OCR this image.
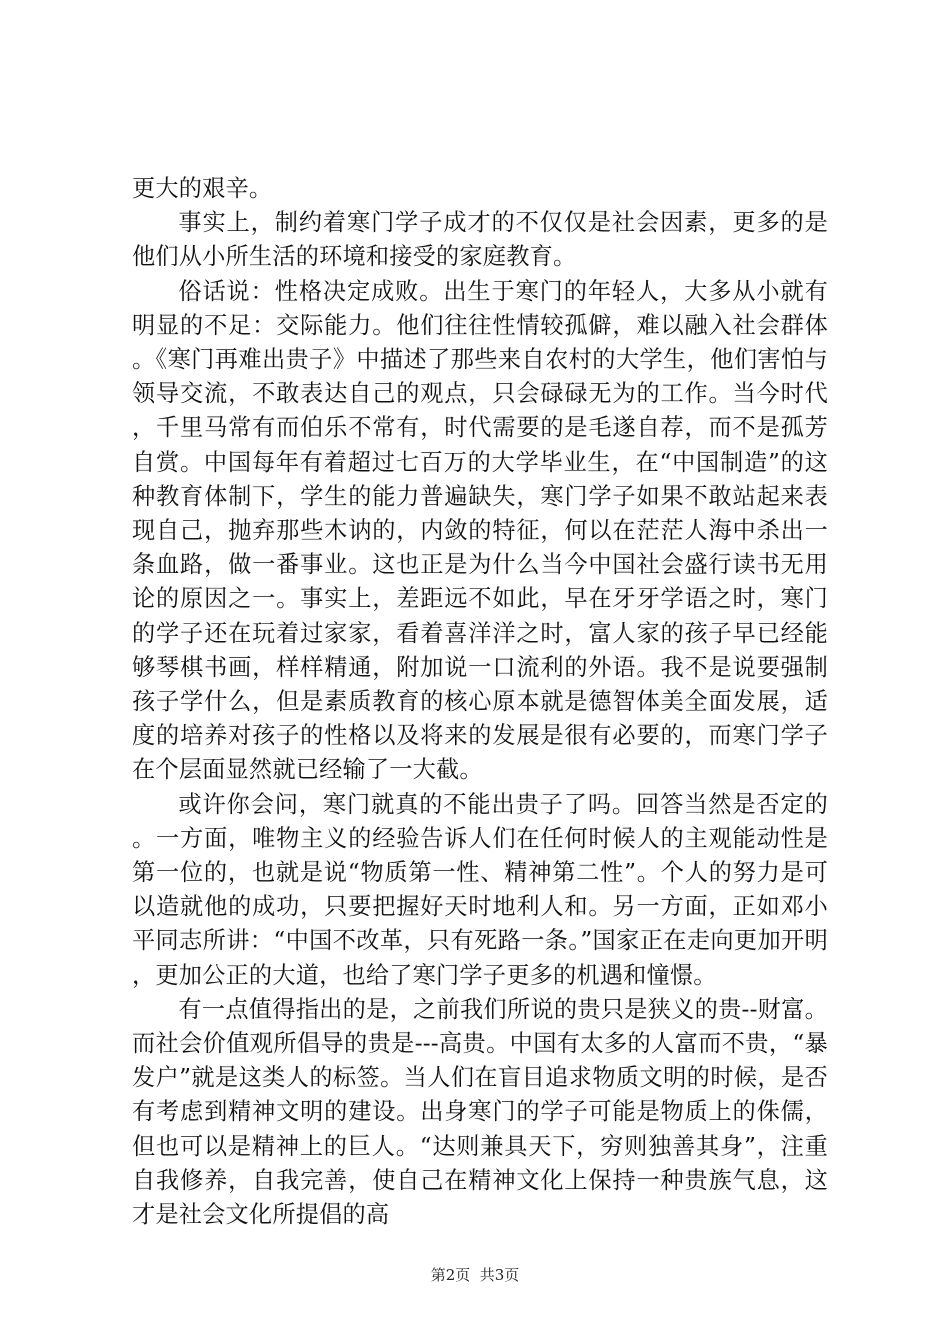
更大的艰辛。

事实上，制约着寒门学子成才的不仅仅是社会因素，更多的是他们从小所生活的环境和接受的家庭教育。

俗话说：性格决定成败。出生于寒门的年轻人，大多从小就有明显的不足：交际能力。他们往往性情较孤僻，难以融入社会群体。《寒门再难出贵子》中描述了那些来自农村的大学生，他们害怕与领导交流，不敢表达自己的观点，只会碌碌无为的工作。当今时代，千里马常有而伯乐不常有，时代需要的是毛遂自荐，而不是孤芳自赏。中国每年有着超过七百万的大学毕业生，在“中国制造”的这种教育体制下，学生的能力普遍缺失，寒门学子如果不敢站起来表现自己，抛弃那些木讷的，内敛的特征，何以在茫茫人海中杀出一条血路，做一番事业。这也正是为什么当今中国社会盛行读书无用论的原因之一。事实上，差距远不如此，早在牙牙学语之时，寒门的学子还在玩着过家家，看着喜洋洋之时，富人家的孩子早已经能够琴棋书画，样样精通，附加说一口流利的外语。我不是说要强制孩子学什么，但是素质教育的核心原本就是德智体美全面发展，适度的培养对孩子的性格以及将来的发展是很有必要的，而寒门学子在个层面显然就已经输了一大截。

或许你会问，寒门就真的不能出贵子了吗。回答当然是否定的。一方面，唯物主义的经验告诉人们在任何时候人的主观能动性是第一位的，也就是说“物质第一性、精神第二性”。个人的努力是可以造就他的成功，只要把握好天时地利人和。另一方面，正如邓小平同志所讲：“中国不改革，只有死路一条。”国家正在走向更加开明，更加公正的大道，也给了寒门学子更多的机遇和憧憬。

有一点值得指出的是，之前我们所说的贵只是狭义的贵--财富。而社会价值观所倡导的贵是---高贵。中国有太多的人富而不贵，“暴发户”就是这类人的标签。当人们在盲目追求物质文明的时候，是否有考虑到精神文明的建设。出身寒门的学子可能是物质上的侏儒，但也可以是精神上的巨人。“达则兼具天下，穷则独善其身”，注重自我修养，自我完善，使自己在精神文化上保持一种贵族气息，这才是社会文化所提倡的高

第2页  共3页
